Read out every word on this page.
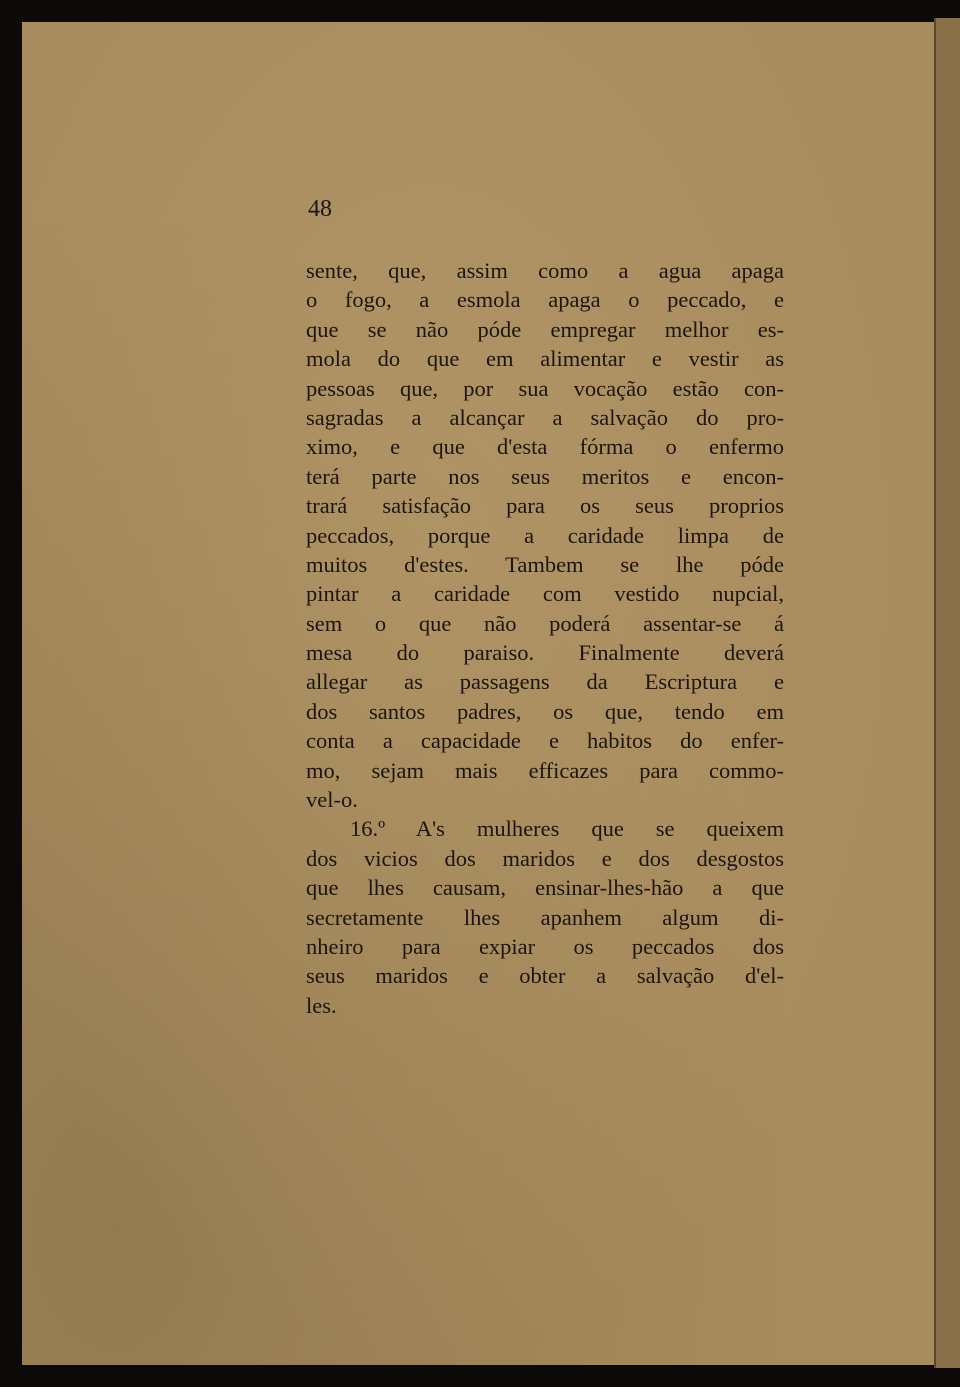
48
sente, que, assim como a agua apaga
o fogo, a esmola apaga o peccado, e
que se não póde empregar melhor es-
mola do que em alimentar e vestir as
pessoas que, por sua vocação estão con-
sagradas a alcançar a salvação do pro-
ximo, e que d'esta fórma o enfermo
terá parte nos seus meritos e encon-
trará satisfação para os seus proprios
peccados, porque a caridade limpa de
muitos d'estes. Tambem se lhe póde
pintar a caridade com vestido nupcial,
sem o que não poderá assentar-se á
mesa do paraiso. Finalmente deverá
allegar as passagens da Escriptura e
dos santos padres, os que, tendo em
conta a capacidade e habitos do enfer-
mo, sejam mais efficazes para commo-
vel-o.
16.º A's mulheres que se queixem
dos vicios dos maridos e dos desgostos
que lhes causam, ensinar-lhes-hão a que
secretamente lhes apanhem algum di-
nheiro para expiar os peccados dos
seus maridos e obter a salvação d'el-
les.
